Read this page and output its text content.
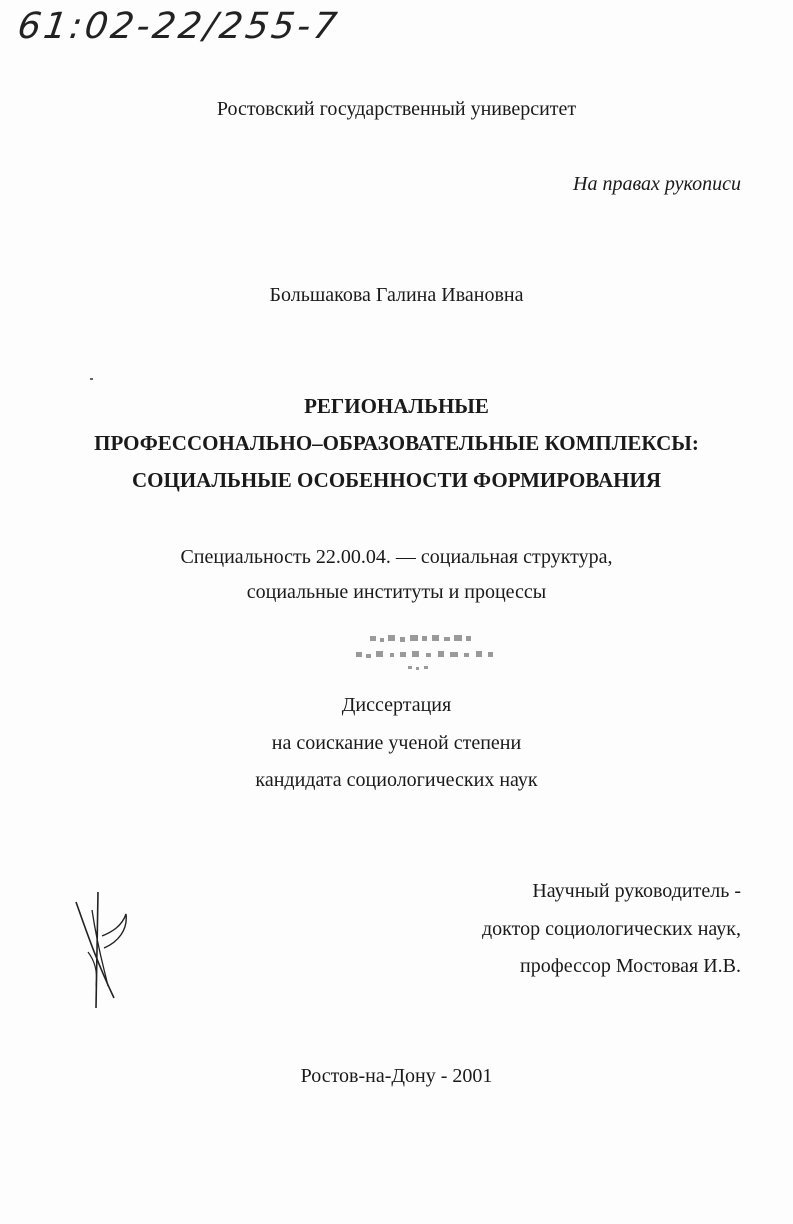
61:02-22/255-7
Ростовский государственный университет
На правах рукописи
Большакова Галина Ивановна
РЕГИОНАЛЬНЫЕ
ПРОФЕССОНАЛЬНО–ОБРАЗОВАТЕЛЬНЫЕ КОМПЛЕКСЫ:
СОЦИАЛЬНЫЕ ОСОБЕННОСТИ ФОРМИРОВАНИЯ
Специальность 22.00.04. — социальная структура,
социальные институты и процессы
Диссертация
на соискание ученой степени
кандидата социологических наук
Научный руководитель -
доктор социологических наук,
профессор Мостовая И.В.
Ростов-на-Дону - 2001
